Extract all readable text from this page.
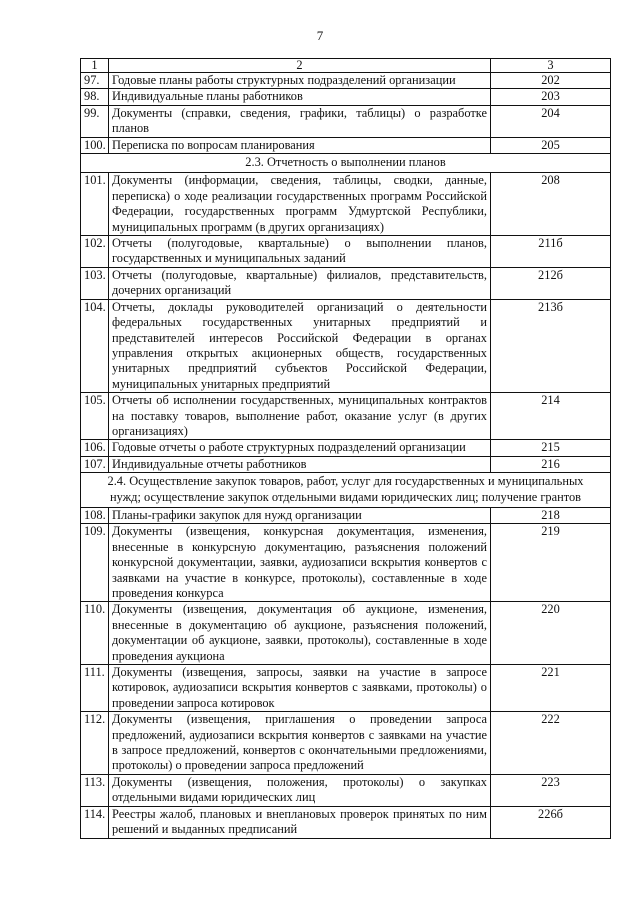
7
1	2	3
97.	Годовые планы работы структурных подразделений организации	202
98.	Индивидуальные планы работников	203
99.	Документы (справки, сведения, графики, таблицы) о разработке планов	204
100.	Переписка по вопросам планирования	205
2.3. Отчетность о выполнении планов		
101.	Документы (информации, сведения, таблицы, сводки, данные, переписка) о ходе реализации государственных программ Российской Федерации, государственных программ Удмуртской Республики, муниципальных программ (в других организациях)	208
102.	Отчеты (полугодовые, квартальные) о выполнении планов, государственных и муниципальных заданий	211б
103.	Отчеты (полугодовые, квартальные) филиалов, представительств, дочерних организаций	212б
104.	Отчеты, доклады руководителей организаций о деятельности федеральных государственных унитарных предприятий и представителей интересов Российской Федерации в органах управления открытых акционерных обществ, государственных унитарных предприятий субъектов Российской Федерации, муниципальных унитарных предприятий	213б
105.	Отчеты об исполнении государственных, муниципальных контрактов на поставку товаров, выполнение работ, оказание услуг (в других организациях)	214
106.	Годовые отчеты о работе структурных подразделений организации	215
107.	Индивидуальные отчеты работников	216
2.4. Осуществление закупок товаров, работ, услуг для государственных и муниципальных нужд; осуществление закупок отдельными видами юридических лиц; получение грантов		
108.	Планы-графики закупок для нужд организации	218
109.	Документы (извещения, конкурсная документация, изменения, внесенные в конкурсную документацию, разъяснения положений конкурсной документации, заявки, аудиозаписи вскрытия конвертов с заявками на участие в конкурсе, протоколы), составленные в ходе проведения конкурса	219
110.	Документы (извещения, документация об аукционе, изменения, внесенные в документацию об аукционе, разъяснения положений, документации об аукционе, заявки, протоколы), составленные в ходе проведения аукциона	220
111.	Документы (извещения, запросы, заявки на участие в запросе котировок, аудиозаписи вскрытия конвертов с заявками, протоколы) о проведении запроса котировок	221
112.	Документы (извещения, приглашения о проведении запроса предложений, аудиозаписи вскрытия конвертов с заявками на участие в запросе предложений, конвертов с окончательными предложениями, протоколы) о проведении запроса предложений	222
113.	Документы (извещения, положения, протоколы) о закупках отдельными видами юридических лиц	223
114.	Реестры жалоб, плановых и внеплановых проверок принятых по ним решений и выданных предписаний	226б
